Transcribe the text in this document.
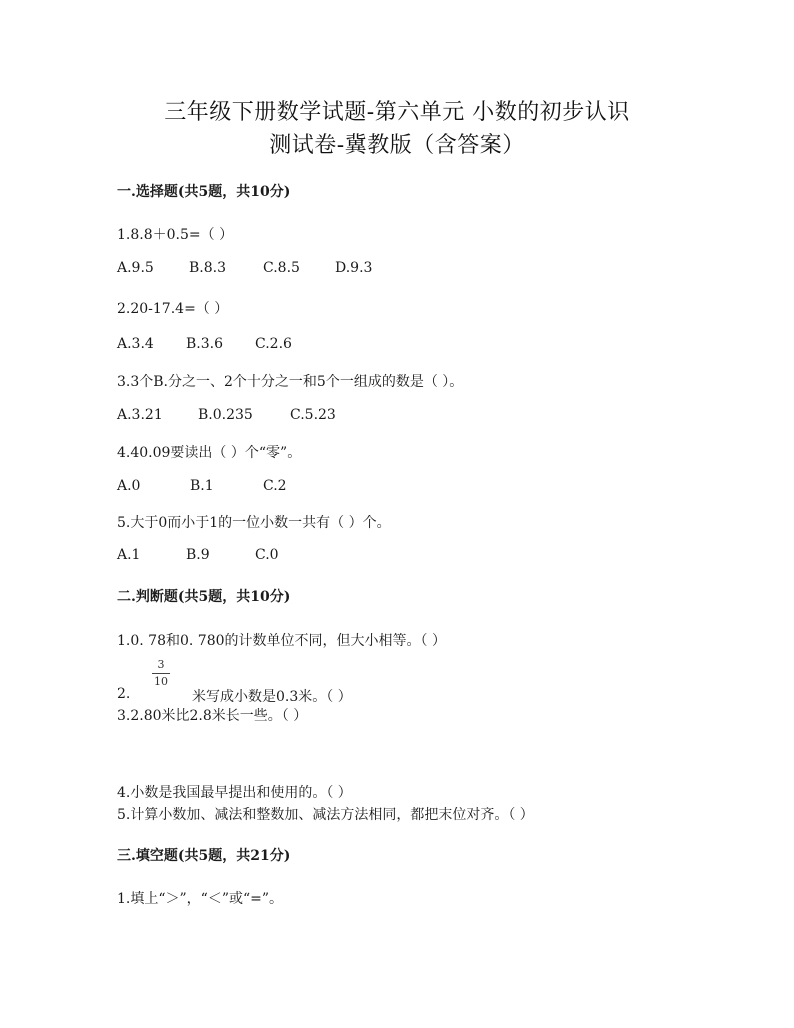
三年级下册数学试题-第六单元 小数的初步认识
测试卷-冀教版（含答案）
一.选择题(共5题，共10分)
1.8.8＋0.5=（ ）
A.9.5	B.8.3	C.8.5	D.9.3
2.20-17.4=（ ）
A.3.4 B.3.6 C.2.6
3.3个B.分之一、2个十分之一和5个一组成的数是（ ）。
A.3.21	B.0.235	C.5.23
4.40.09要读出（ ）个“零”。
A.0	B.1	C.2
5.大于0而小于1的一位小数一共有（ ）个。
A.1	B.9	C.0
二.判断题(共5题，共10分)
1.0. 78和0. 780的计数单位不同，但大小相等。（ ）
3
10
2.	米写成小数是0.3米。（ ）
3.2.80米比2.8米长一些。（ ）
4.小数是我国最早提出和使用的。（ ）
5.计算小数加、减法和整数加、减法方法相同，都把末位对齐。（ ）
三.填空题(共5题，共21分)
1.填上“＞”，“＜”或“=”。
